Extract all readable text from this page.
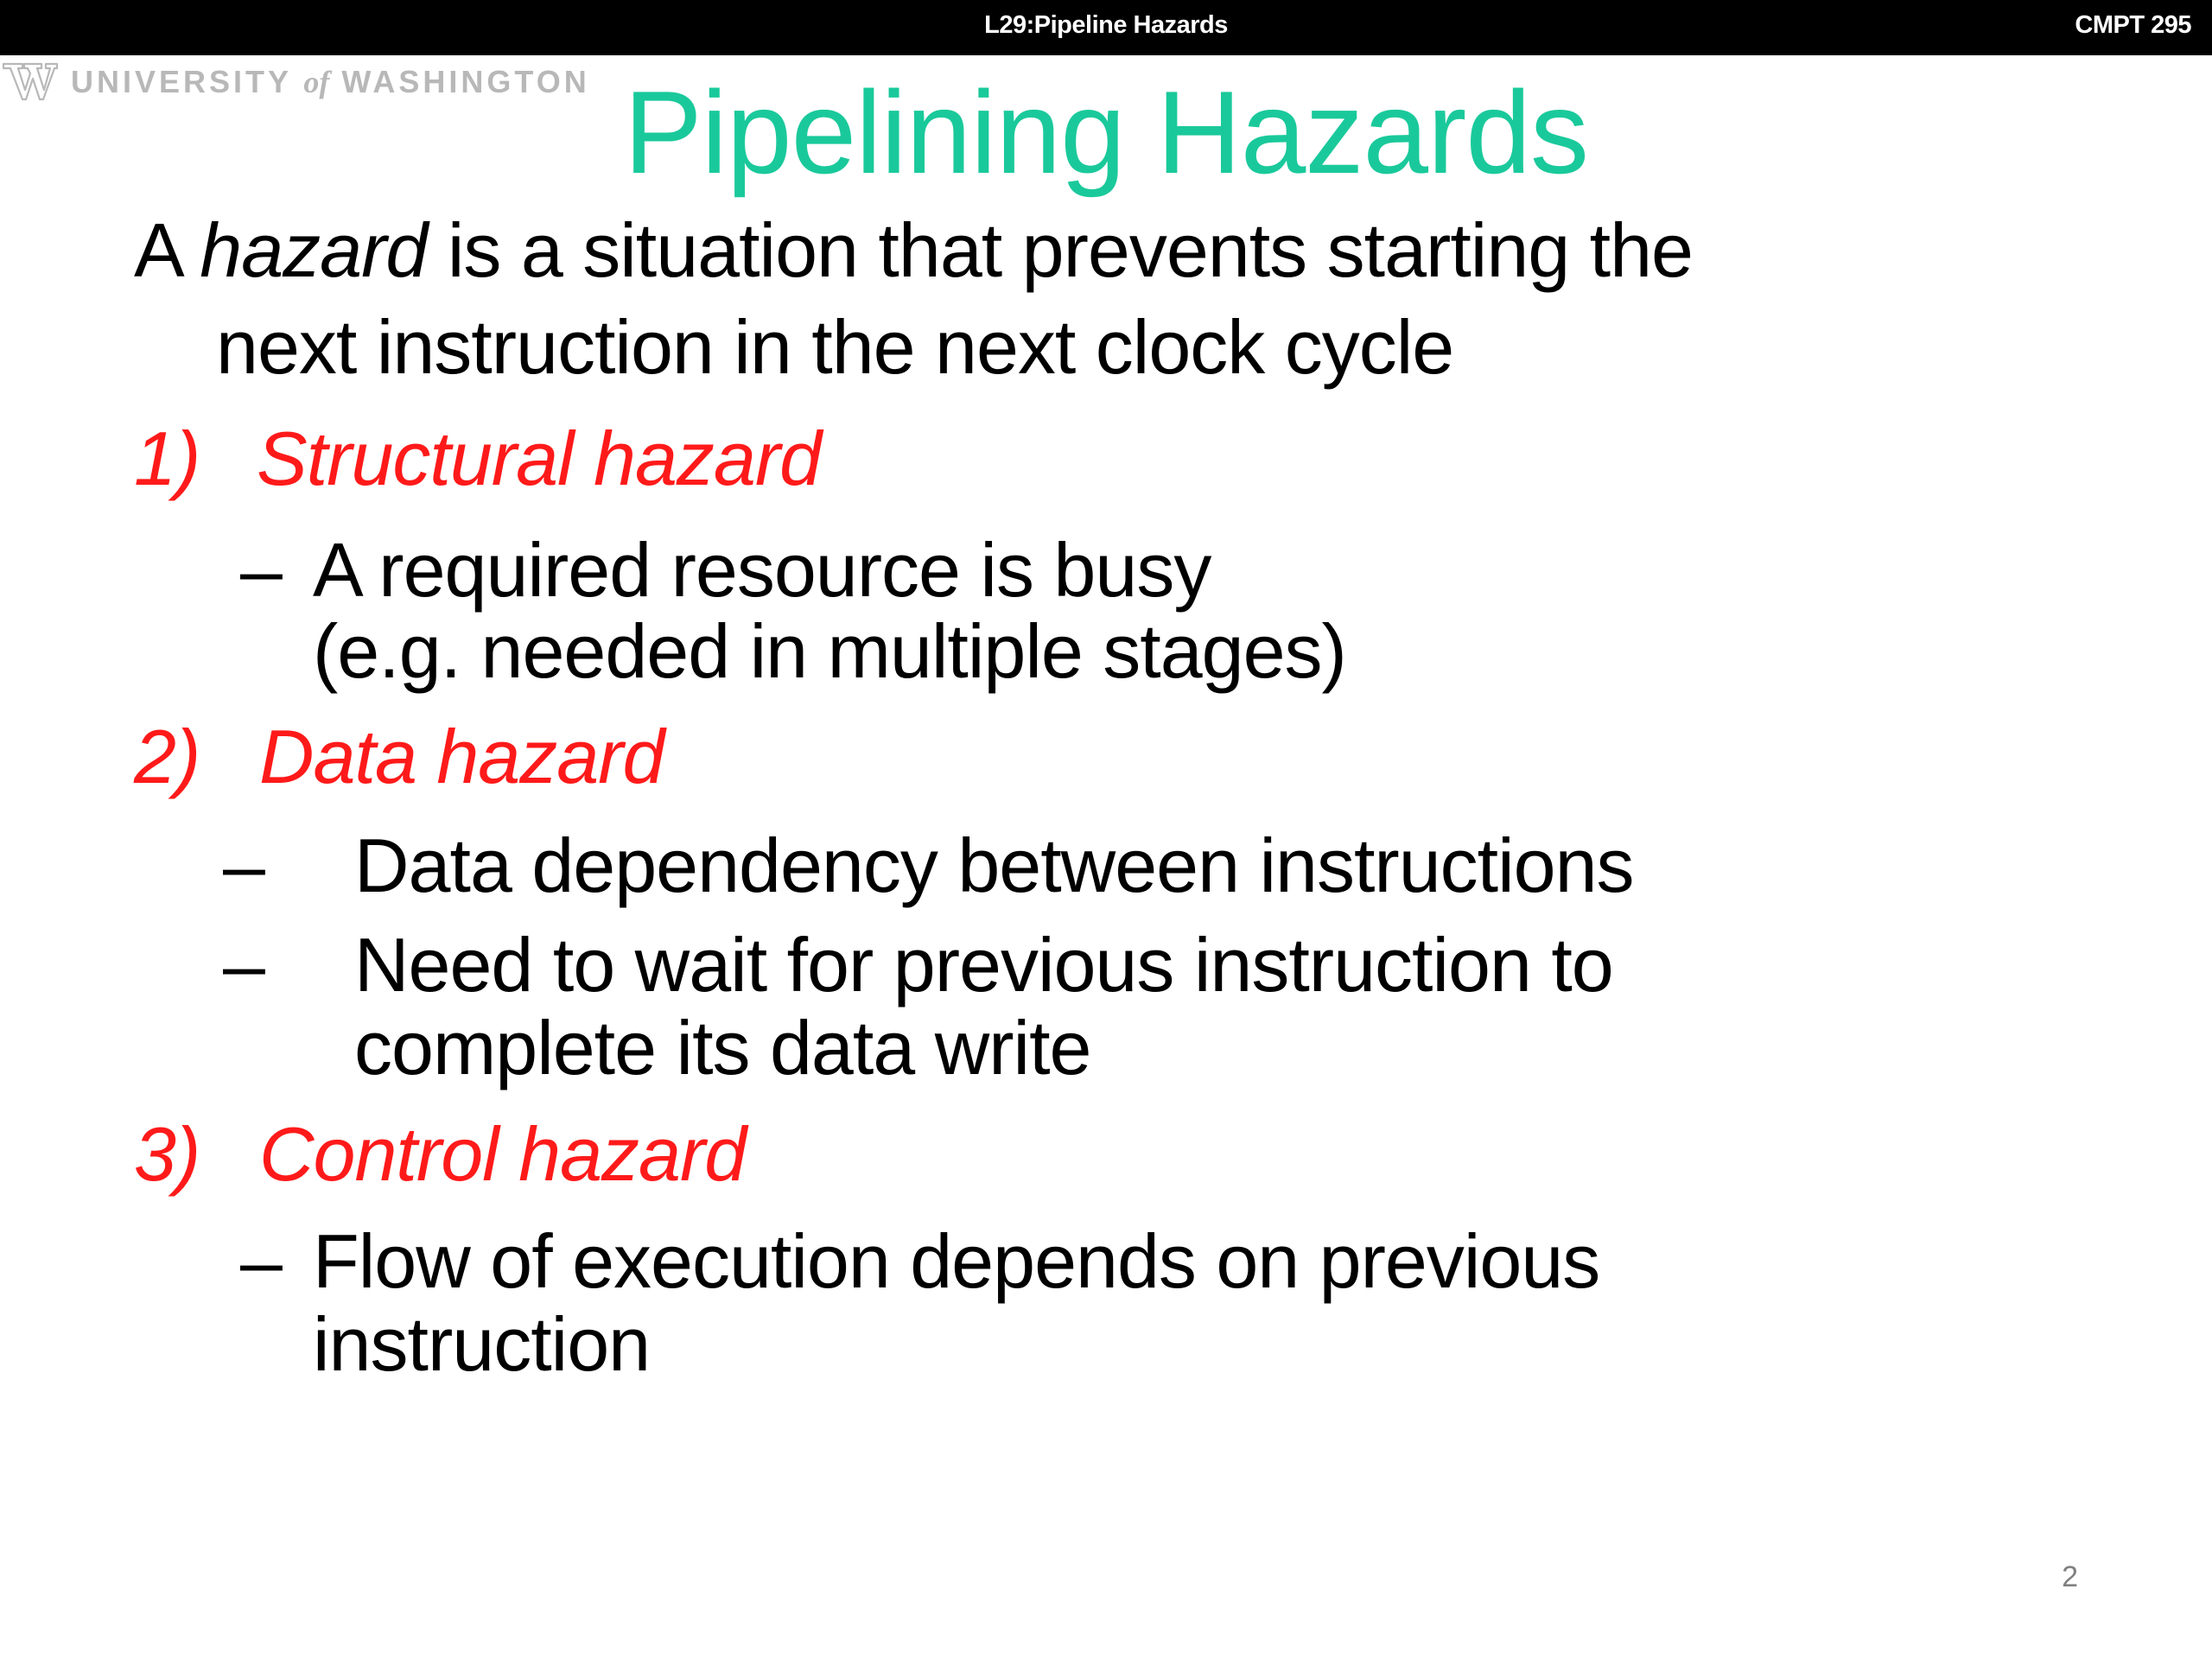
L29:Pipeline Hazards	CMPT 295
UNIVERSITY of WASHINGTON Pipelining Hazards
A hazard is a situation that prevents starting the
next instruction in the next clock cycle
1) Structural hazard
– A required resource is busy
(e.g. needed in multiple stages)
2) Data hazard
– Data dependency between instructions
– Need to wait for previous instruction to
complete its data write
3) Control hazard
– Flow of execution depends on previous
instruction
2
